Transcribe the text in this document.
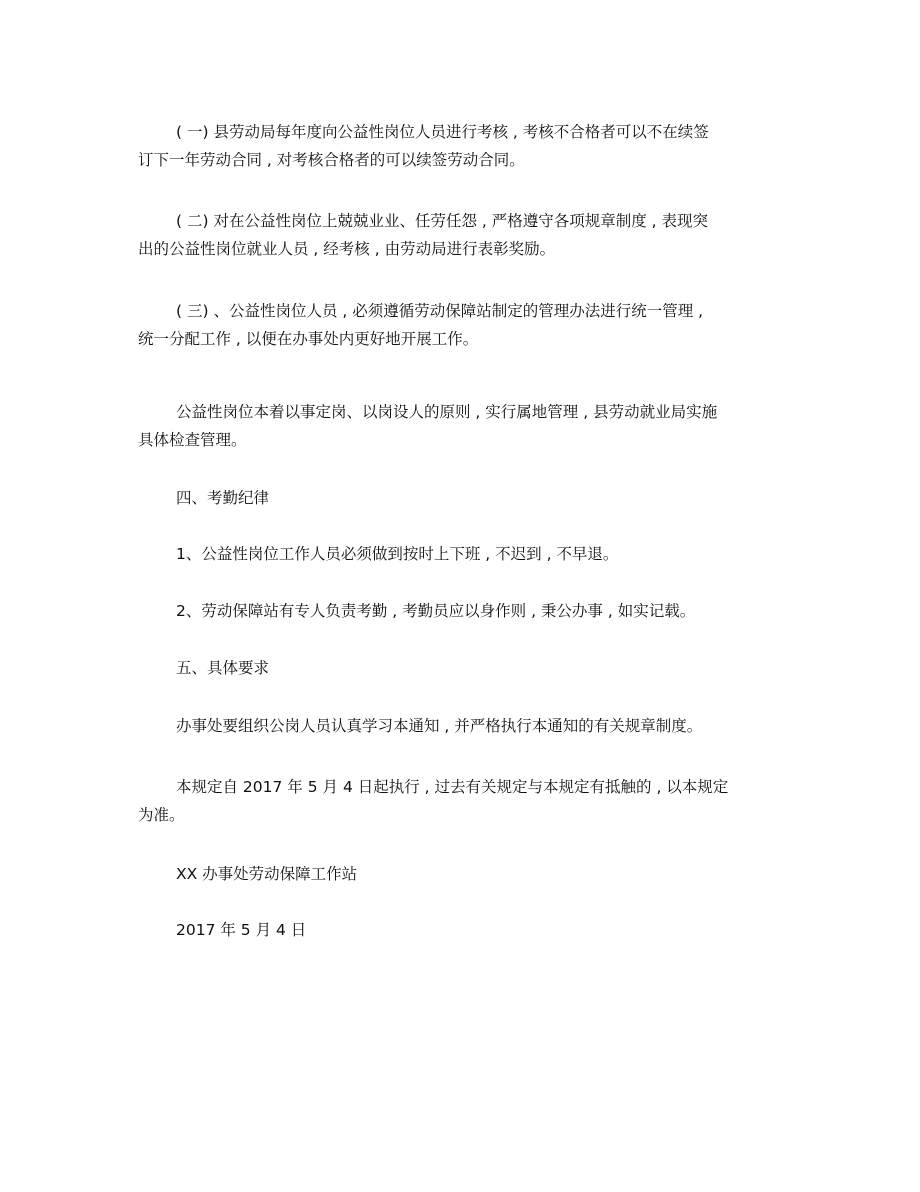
( 一) 县劳动局每年度向公益性岗位人员进行考核 , 考核不合格者可以不在续签
订下一年劳动合同 , 对考核合格者的可以续签劳动合同。
( 二) 对在公益性岗位上兢兢业业、任劳任怨 , 严格遵守各项规章制度 , 表现突
出的公益性岗位就业人员 , 经考核 , 由劳动局进行表彰奖励。
( 三) 、公益性岗位人员 , 必须遵循劳动保障站制定的管理办法进行统一管理 ,
统一分配工作 , 以便在办事处内更好地开展工作。
公益性岗位本着以事定岗、以岗设人的原则 , 实行属地管理 , 县劳动就业局实施
具体检查管理。
四、考勤纪律
1、公益性岗位工作人员必须做到按时上下班 , 不迟到 , 不早退。
2、劳动保障站有专人负责考勤 , 考勤员应以身作则 , 秉公办事 , 如实记载。
五、具体要求
办事处要组织公岗人员认真学习本通知 , 并严格执行本通知的有关规章制度。
本规定自 2017 年 5 月 4 日起执行 , 过去有关规定与本规定有抵触的 , 以本规定
为准。
XX 办事处劳动保障工作站
2017 年 5 月 4 日
